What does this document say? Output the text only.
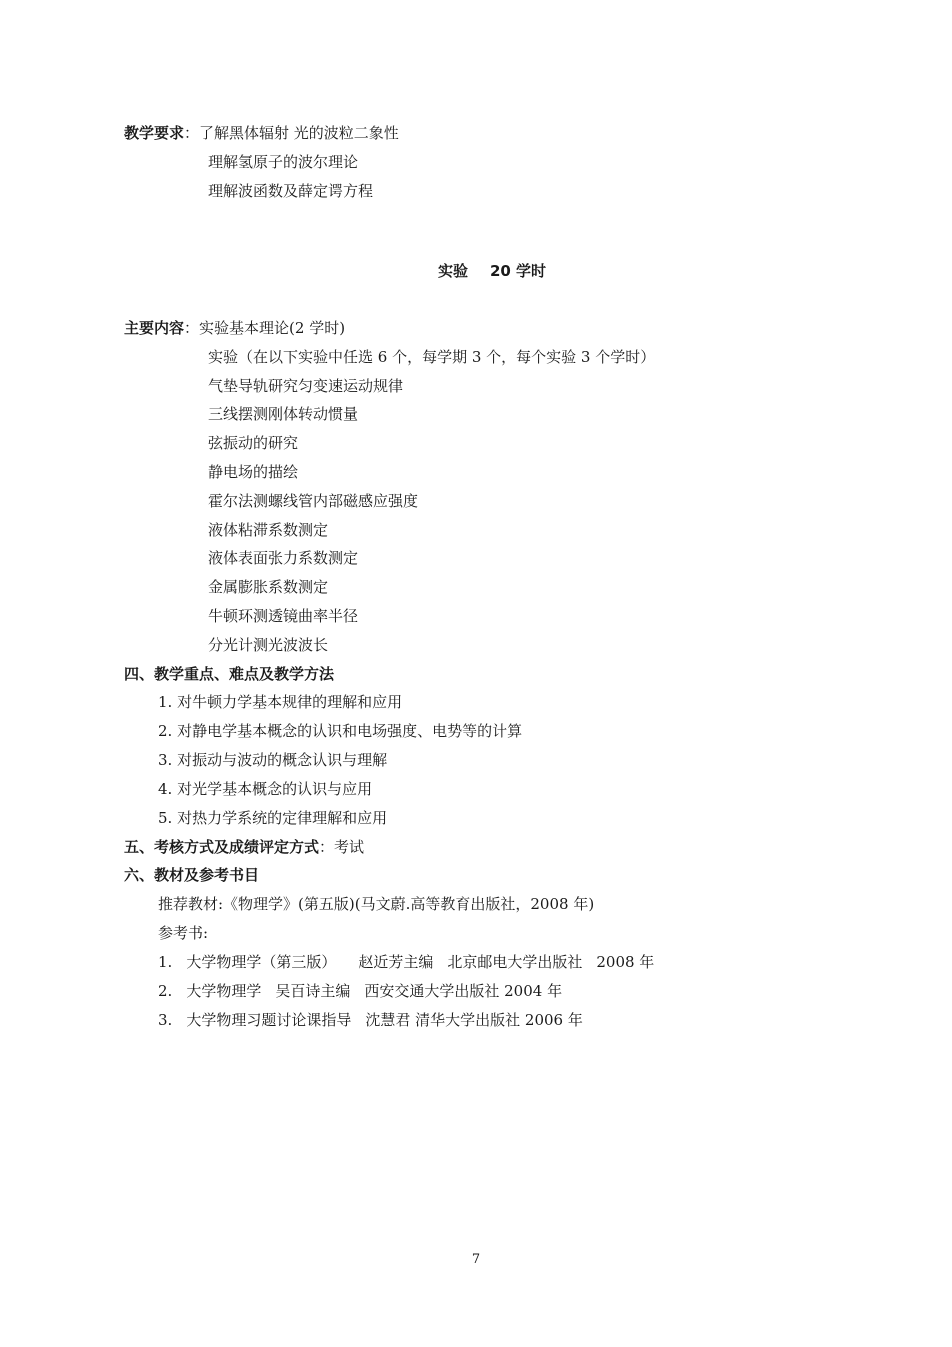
教学要求：了解黑体辐射 光的波粒二象性
理解氢原子的波尔理论
理解波函数及薛定谔方程
实验 20 学时
主要内容：实验基本理论(2 学时)
实验（在以下实验中任选 6 个，每学期 3 个，每个实验 3 个学时）
气垫导轨研究匀变速运动规律
三线摆测刚体转动惯量
弦振动的研究
静电场的描绘
霍尔法测螺线管内部磁感应强度
液体粘滞系数测定
液体表面张力系数测定
金属膨胀系数测定
牛顿环测透镜曲率半径
分光计测光波波长
四、教学重点、难点及教学方法
1. 对牛顿力学基本规律的理解和应用
2. 对静电学基本概念的认识和电场强度、电势等的计算
3. 对振动与波动的概念认识与理解
4. 对光学基本概念的认识与应用
5. 对热力学系统的定律理解和应用
五、考核方式及成绩评定方式：考试
六、教材及参考书目
推荐教材:《物理学》(第五版)(马文蔚.高等教育出版社，2008 年)
参考书:
1. 大学物理学（第三版） 赵近芳主编 北京邮电大学出版社 2008 年
2. 大学物理学 吴百诗主编 西安交通大学出版社 2004 年
3. 大学物理习题讨论课指导 沈慧君 清华大学出版社 2006 年
7
